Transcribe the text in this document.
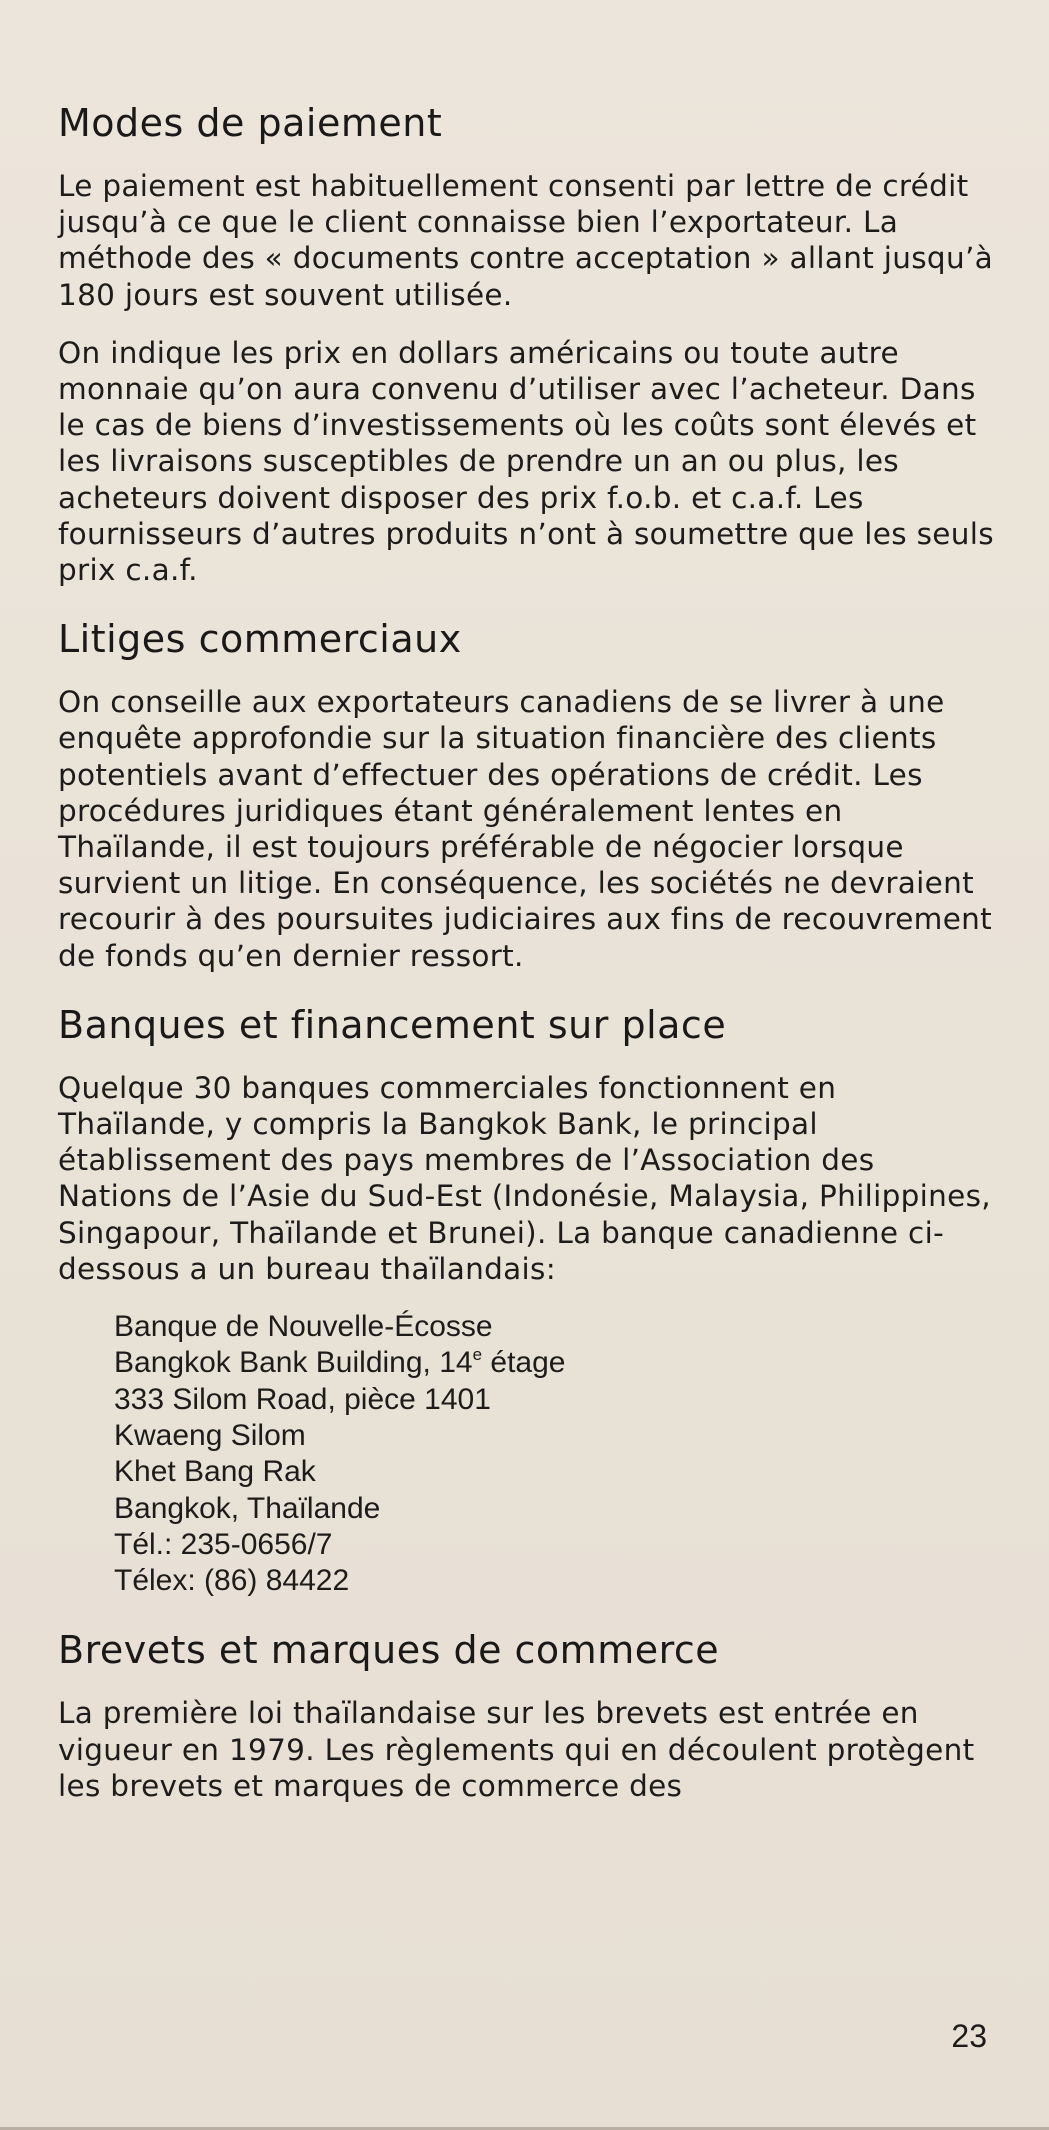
Modes de paiement

Le paiement est habituellement consenti par lettre de crédit jusqu’à ce que le client connaisse bien l’exportateur. La méthode des « documents contre acceptation » allant jusqu’à 180 jours est souvent utilisée.

On indique les prix en dollars américains ou toute autre monnaie qu’on aura convenu d’utiliser avec l’acheteur. Dans le cas de biens d’investissements où les coûts sont élevés et les livraisons susceptibles de prendre un an ou plus, les acheteurs doivent disposer des prix f.o.b. et c.a.f. Les fournisseurs d’autres produits n’ont à soumettre que les seuls prix c.a.f.

Litiges commerciaux

On conseille aux exportateurs canadiens de se livrer à une enquête approfondie sur la situation financière des clients potentiels avant d’effectuer des opérations de crédit. Les procédures juridiques étant généralement lentes en Thaïlande, il est toujours préférable de négocier lorsque survient un litige. En conséquence, les sociétés ne devraient recourir à des poursuites judiciaires aux fins de recouvrement de fonds qu’en dernier ressort.

Banques et financement sur place

Quelque 30 banques commerciales fonctionnent en Thaïlande, y compris la Bangkok Bank, le principal établissement des pays membres de l’Association des Nations de l’Asie du Sud-Est (Indonésie, Malaysia, Philippines, Singapour, Thaïlande et Brunei). La banque canadienne ci-dessous a un bureau thaïlandais:

Banque de Nouvelle-Écosse
Bangkok Bank Building, 14e étage
333 Silom Road, pièce 1401
Kwaeng Silom
Khet Bang Rak
Bangkok, Thaïlande
Tél.: 235-0656/7
Télex: (86) 84422
Brevets et marques de commerce

La première loi thaïlandaise sur les brevets est entrée en vigueur en 1979. Les règlements qui en découlent protègent les brevets et marques de commerce des

23
